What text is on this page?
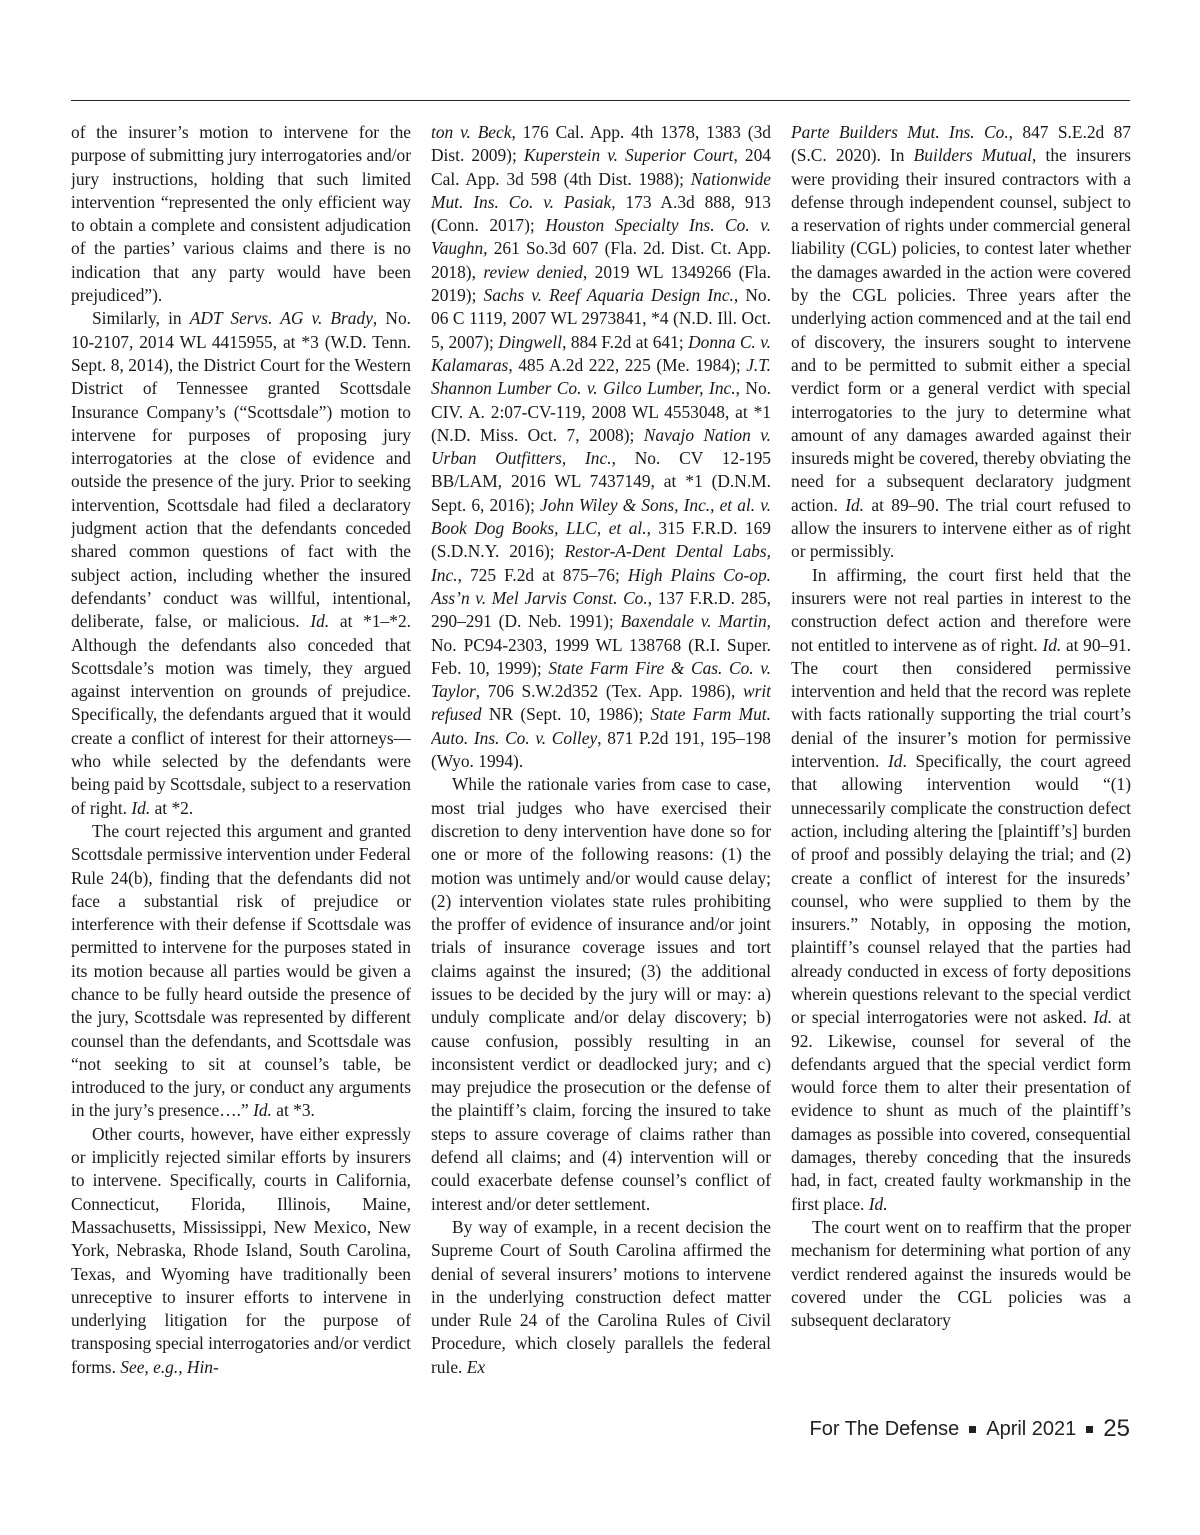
of the insurer’s motion to intervene for the purpose of submitting jury interrogatories and/or jury instructions, holding that such limited intervention “represented the only efficient way to obtain a complete and consistent adjudication of the parties’ various claims and there is no indication that any party would have been prejudiced”).

Similarly, in ADT Servs. AG v. Brady, No. 10-2107, 2014 WL 4415955, at *3 (W.D. Tenn. Sept. 8, 2014), the District Court for the Western District of Tennessee granted Scottsdale Insurance Company’s (“Scottsdale”) motion to intervene for purposes of proposing jury interrogatories at the close of evidence and outside the presence of the jury. Prior to seeking intervention, Scottsdale had filed a declaratory judgment action that the defendants conceded shared common questions of fact with the subject action, including whether the insured defendants’ conduct was willful, intentional, deliberate, false, or malicious. Id. at *1–*2. Although the defendants also conceded that Scottsdale’s motion was timely, they argued against intervention on grounds of prejudice. Specifically, the defendants argued that it would create a conflict of interest for their attorneys—who while selected by the defendants were being paid by Scottsdale, subject to a reservation of right. Id. at *2.

The court rejected this argument and granted Scottsdale permissive intervention under Federal Rule 24(b), finding that the defendants did not face a substantial risk of prejudice or interference with their defense if Scottsdale was permitted to intervene for the purposes stated in its motion because all parties would be given a chance to be fully heard outside the presence of the jury, Scottsdale was represented by different counsel than the defendants, and Scottsdale was “not seeking to sit at counsel’s table, be introduced to the jury, or conduct any arguments in the jury’s presence….” Id. at *3.

Other courts, however, have either expressly or implicitly rejected similar efforts by insurers to intervene. Specifically, courts in California, Connecticut, Florida, Illinois, Maine, Massachusetts, Mississippi, New Mexico, New York, Nebraska, Rhode Island, South Carolina, Texas, and Wyoming have traditionally been unreceptive to insurer efforts to intervene in underlying litigation for the purpose of transposing special interrogatories and/or verdict forms. See, e.g., Hin-

ton v. Beck, 176 Cal. App. 4th 1378, 1383 (3d Dist. 2009); Kuperstein v. Superior Court, 204 Cal. App. 3d 598 (4th Dist. 1988); Nationwide Mut. Ins. Co. v. Pasiak, 173 A.3d 888, 913 (Conn. 2017); Houston Specialty Ins. Co. v. Vaughn, 261 So.3d 607 (Fla. 2d. Dist. Ct. App. 2018), review denied, 2019 WL 1349266 (Fla. 2019); Sachs v. Reef Aquaria Design Inc., No. 06 C 1119, 2007 WL 2973841, *4 (N.D. Ill. Oct. 5, 2007); Dingwell, 884 F.2d at 641; Donna C. v. Kalamaras, 485 A.2d 222, 225 (Me. 1984); J.T. Shannon Lumber Co. v. Gilco Lumber, Inc., No. CIV. A. 2:07-CV-119, 2008 WL 4553048, at *1 (N.D. Miss. Oct. 7, 2008); Navajo Nation v. Urban Outfitters, Inc., No. CV 12-195 BB/LAM, 2016 WL 7437149, at *1 (D.N.M. Sept. 6, 2016); John Wiley & Sons, Inc., et al. v. Book Dog Books, LLC, et al., 315 F.R.D. 169 (S.D.N.Y. 2016); Restor-A-Dent Dental Labs, Inc., 725 F.2d at 875–76; High Plains Co-op. Ass’n v. Mel Jarvis Const. Co., 137 F.R.D. 285, 290–291 (D. Neb. 1991); Baxendale v. Martin, No. PC94-2303, 1999 WL 138768 (R.I. Super. Feb. 10, 1999); State Farm Fire & Cas. Co. v. Taylor, 706 S.W.2d352 (Tex. App. 1986), writ refused NR (Sept. 10, 1986); State Farm Mut. Auto. Ins. Co. v. Colley, 871 P.2d 191, 195–198 (Wyo. 1994).

While the rationale varies from case to case, most trial judges who have exercised their discretion to deny intervention have done so for one or more of the following reasons: (1) the motion was untimely and/or would cause delay; (2) intervention violates state rules prohibiting the proffer of evidence of insurance and/or joint trials of insurance coverage issues and tort claims against the insured; (3) the additional issues to be decided by the jury will or may: a) unduly complicate and/or delay discovery; b) cause confusion, possibly resulting in an inconsistent verdict or deadlocked jury; and c) may prejudice the prosecution or the defense of the plaintiff’s claim, forcing the insured to take steps to assure coverage of claims rather than defend all claims; and (4) intervention will or could exacerbate defense counsel’s conflict of interest and/or deter settlement.

By way of example, in a recent decision the Supreme Court of South Carolina affirmed the denial of several insurers’ motions to intervene in the underlying construction defect matter under Rule 24 of the Carolina Rules of Civil Procedure, which closely parallels the federal rule. Ex

Parte Builders Mut. Ins. Co., 847 S.E.2d 87 (S.C. 2020). In Builders Mutual, the insurers were providing their insured contractors with a defense through independent counsel, subject to a reservation of rights under commercial general liability (CGL) policies, to contest later whether the damages awarded in the action were covered by the CGL policies. Three years after the underlying action commenced and at the tail end of discovery, the insurers sought to intervene and to be permitted to submit either a special verdict form or a general verdict with special interrogatories to the jury to determine what amount of any damages awarded against their insureds might be covered, thereby obviating the need for a subsequent declaratory judgment action. Id. at 89–90. The trial court refused to allow the insurers to intervene either as of right or permissibly.

In affirming, the court first held that the insurers were not real parties in interest to the construction defect action and therefore were not entitled to intervene as of right. Id. at 90–91. The court then considered permissive intervention and held that the record was replete with facts rationally supporting the trial court’s denial of the insurer’s motion for permissive intervention. Id. Specifically, the court agreed that allowing intervention would “(1) unnecessarily complicate the construction defect action, including altering the [plaintiff’s] burden of proof and possibly delaying the trial; and (2) create a conflict of interest for the insureds’ counsel, who were supplied to them by the insurers.” Notably, in opposing the motion, plaintiff’s counsel relayed that the parties had already conducted in excess of forty depositions wherein questions relevant to the special verdict or special interrogatories were not asked. Id. at 92. Likewise, counsel for several of the defendants argued that the special verdict form would force them to alter their presentation of evidence to shunt as much of the plaintiff’s damages as possible into covered, consequential damages, thereby conceding that the insureds had, in fact, created faulty workmanship in the first place. Id.

The court went on to reaffirm that the proper mechanism for determining what portion of any verdict rendered against the insureds would be covered under the CGL policies was a subsequent declaratory

For The Defense April 2021 25
